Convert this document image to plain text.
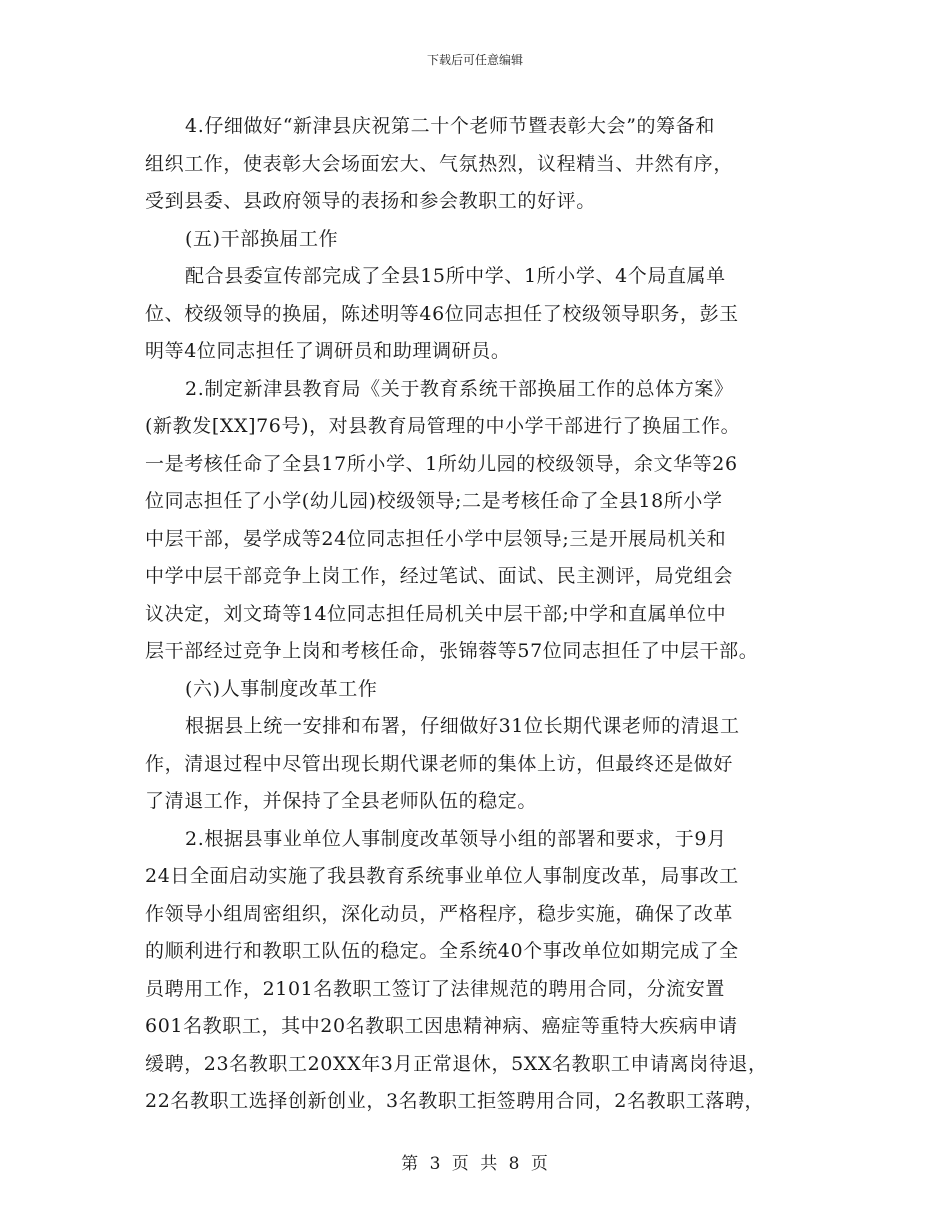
下载后可任意编辑
4.仔细做好“新津县庆祝第二十个老师节暨表彰大会”的筹备和
组织工作，使表彰大会场面宏大、气氛热烈，议程精当、井然有序，
受到县委、县政府领导的表扬和参会教职工的好评。
(五)干部换届工作
配合县委宣传部完成了全县15所中学、1所小学、4个局直属单
位、校级领导的换届，陈述明等46位同志担任了校级领导职务，彭玉
明等4位同志担任了调研员和助理调研员。
2.制定新津县教育局《关于教育系统干部换届工作的总体方案》
(新教发[XX]76号)，对县教育局管理的中小学干部进行了换届工作。
一是考核任命了全县17所小学、1所幼儿园的校级领导，余文华等26
位同志担任了小学(幼儿园)校级领导;二是考核任命了全县18所小学
中层干部，晏学成等24位同志担任小学中层领导;三是开展局机关和
中学中层干部竞争上岗工作，经过笔试、面试、民主测评，局党组会
议决定，刘文琦等14位同志担任局机关中层干部;中学和直属单位中
层干部经过竞争上岗和考核任命，张锦蓉等57位同志担任了中层干部。
(六)人事制度改革工作
根据县上统一安排和布署，仔细做好31位长期代课老师的清退工
作，清退过程中尽管出现长期代课老师的集体上访，但最终还是做好
了清退工作，并保持了全县老师队伍的稳定。
2.根据县事业单位人事制度改革领导小组的部署和要求，于9月
24日全面启动实施了我县教育系统事业单位人事制度改革，局事改工
作领导小组周密组织，深化动员，严格程序，稳步实施，确保了改革
的顺利进行和教职工队伍的稳定。全系统40个事改单位如期完成了全
员聘用工作，2101名教职工签订了法律规范的聘用合同，分流安置
601名教职工，其中20名教职工因患精神病、癌症等重特大疾病申请
缓聘，23名教职工20XX年3月正常退休，5XX名教职工申请离岗待退，
22名教职工选择创新创业，3名教职工拒签聘用合同，2名教职工落聘，
第 3 页 共 8 页
